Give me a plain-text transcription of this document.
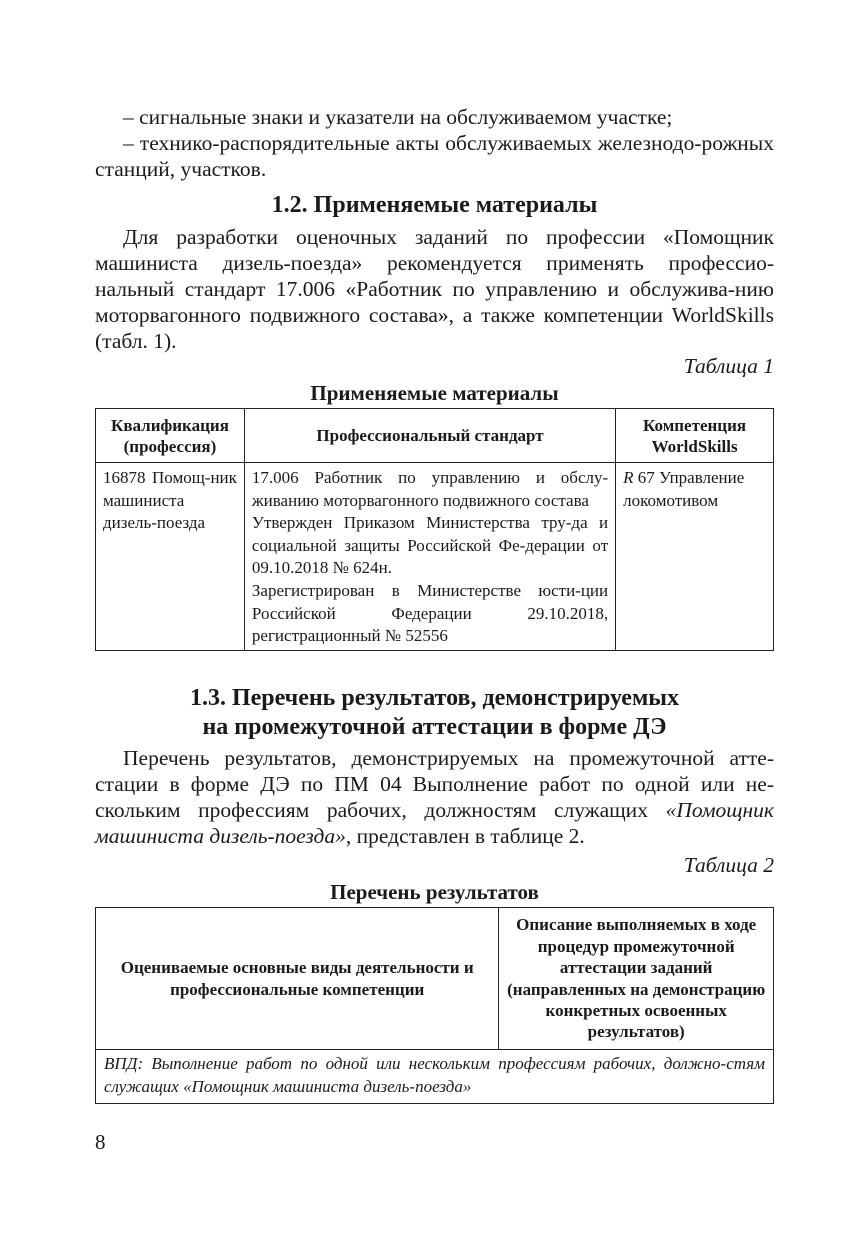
– сигнальные знаки и указатели на обслуживаемом участке;

– технико-распорядительные акты обслуживаемых железнодо-рожных станций, участков.

1.2. Применяемые материалы

Для разработки оценочных заданий по профессии «Помощник машиниста дизель-поезда» рекомендуется применять профессио-нальный стандарт 17.006 «Работник по управлению и обслужива-нию моторвагонного подвижного состава», а также компетенции WorldSkills (табл. 1).

Таблица 1

Применяемые материалы

Квалификация (профессия)	Профессиональный стандарт	Компетенция WorldSkills
16878 Помощ-ник машиниста дизель-поезда	17.006 Работник по управлению и обслу-живанию моторвагонного подвижного состава
Утвержден Приказом Министерства тру-да и социальной защиты Российской Фе-дерации от 09.10.2018 № 624н.
Зарегистрирован в Министерстве юсти-ции Российской Федерации 29.10.2018, регистрационный № 52556	R 67 Управление локомотивом

1.3. Перечень результатов, демонстрируемых

на промежуточной аттестации в форме ДЭ

Перечень результатов, демонстрируемых на промежуточной атте-стации в форме ДЭ по ПМ 04 Выполнение работ по одной или не-скольким профессиям рабочих, должностям служащих «Помощник машиниста дизель-поезда», представлен в таблице 2.

Таблица 2

Перечень результатов

Оцениваемые основные виды деятельности и профессиональные компетенции	Описание выполняемых в ходе процедур промежуточной аттестации заданий (направленных на демонстрацию конкретных освоенных результатов)
ВПД: Выполнение работ по одной или нескольким профессиям рабочих, должно-стям служащих «Помощник машиниста дизель-поезда»
8
